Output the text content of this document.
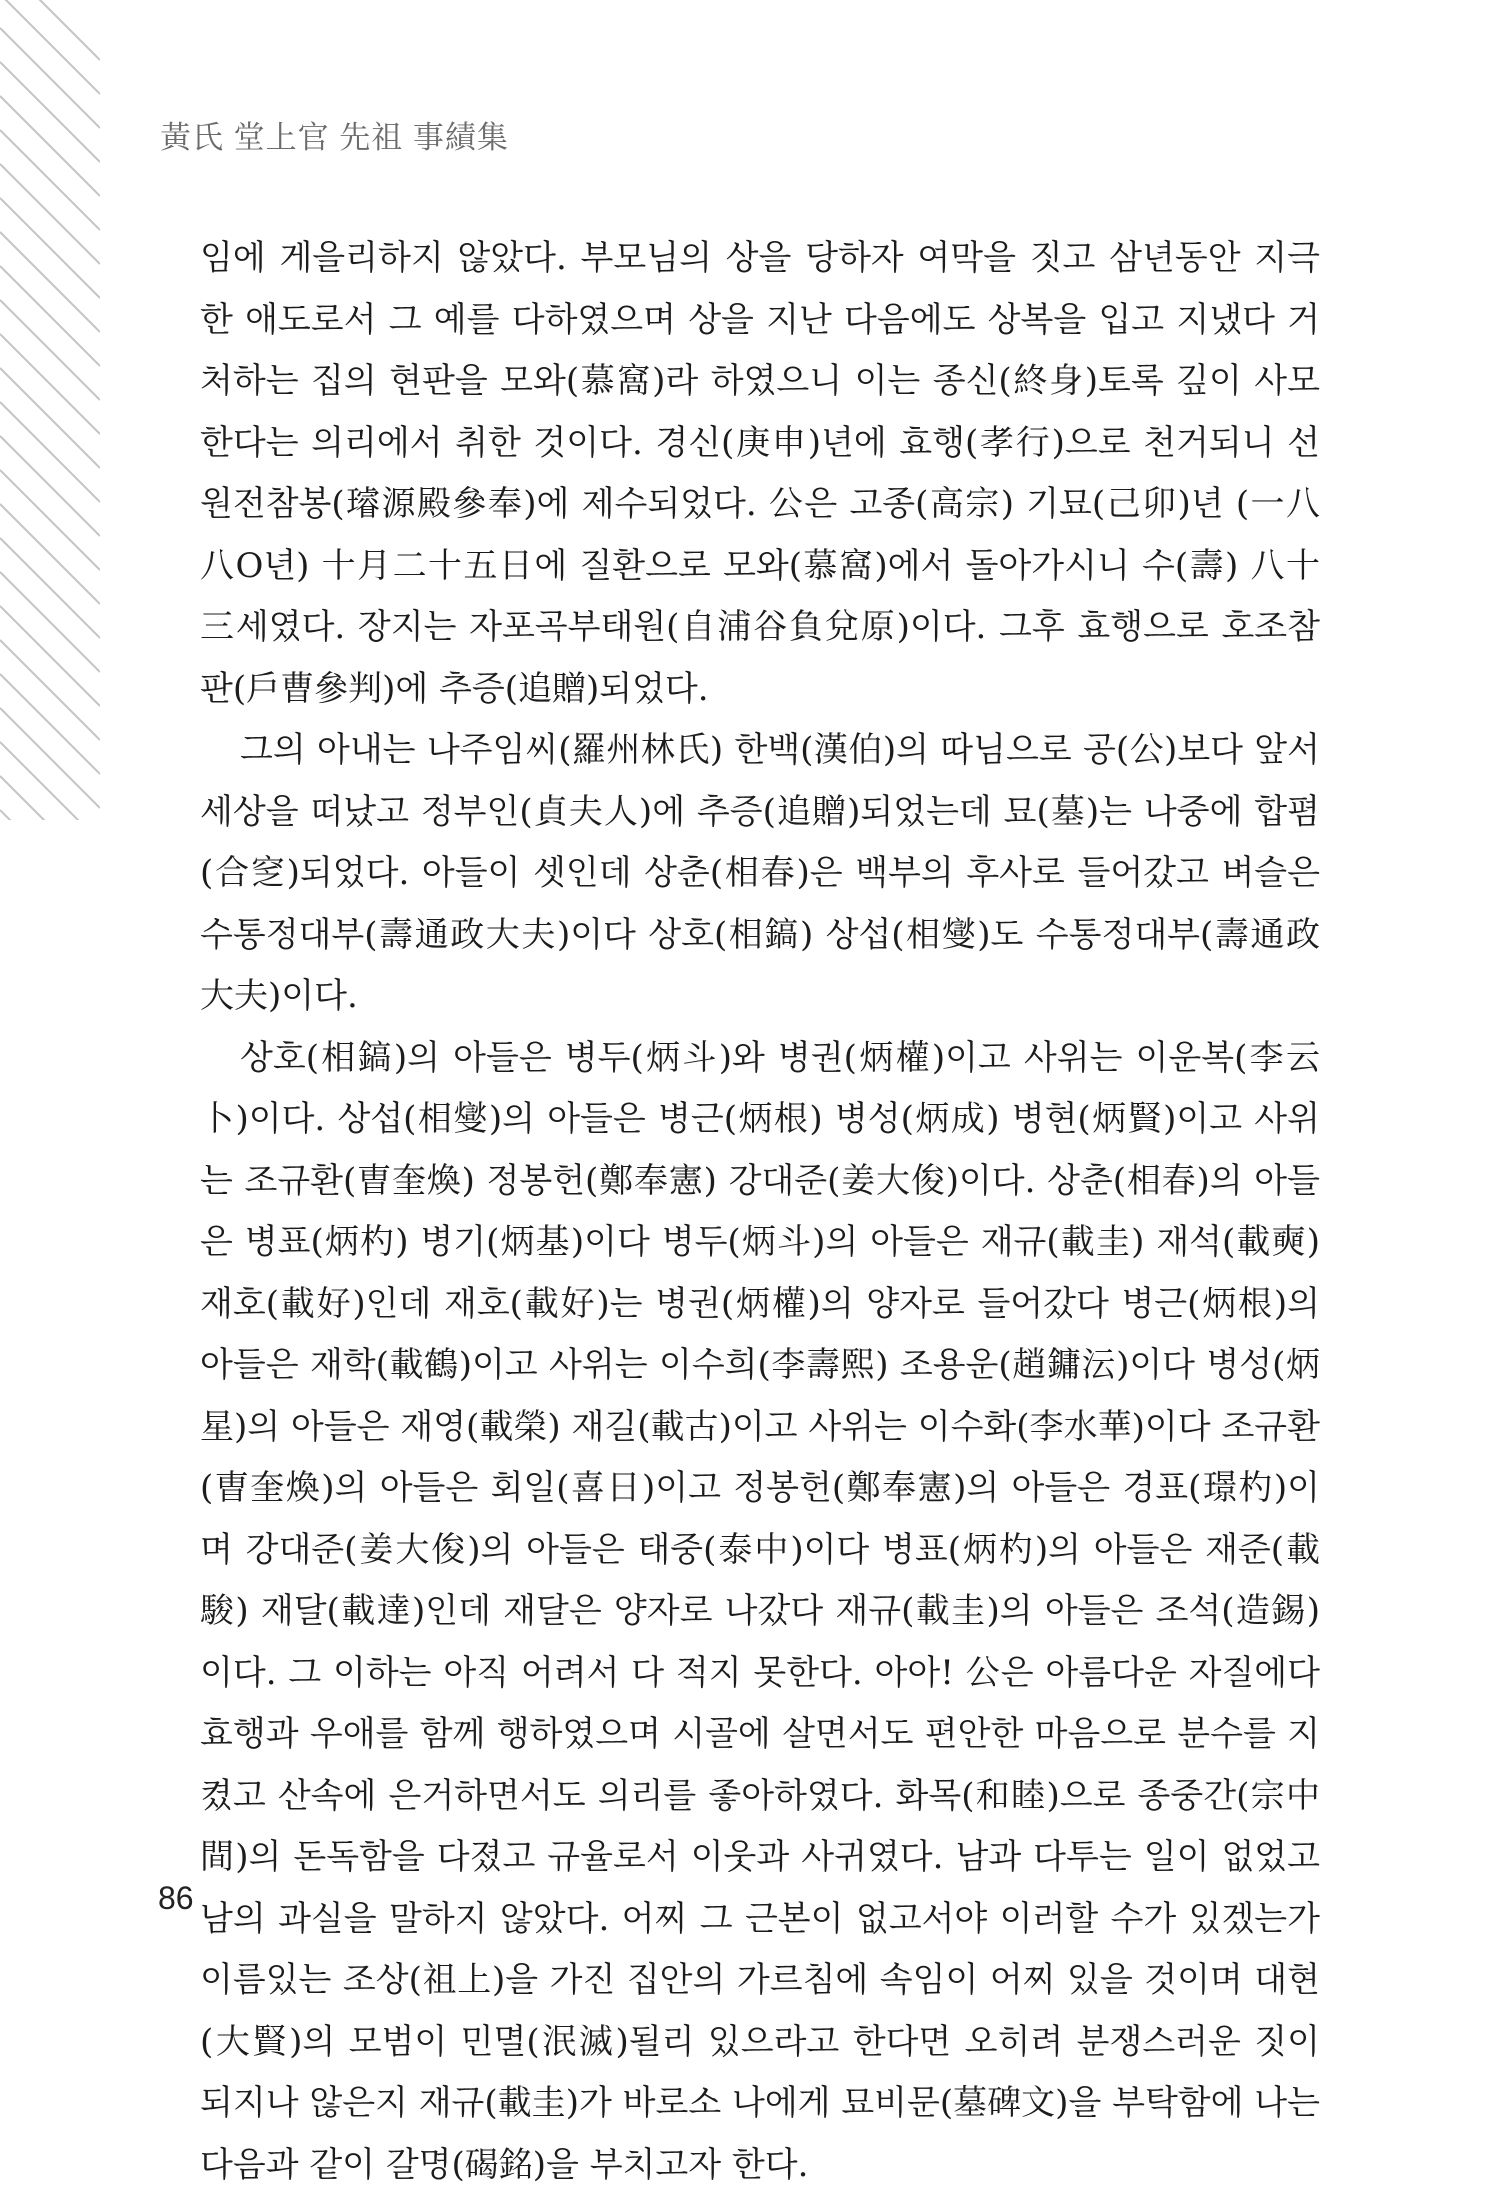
黃氏 堂上官 先祖 事績集

임에 게을리하지 않았다. 부모님의 상을 당하자 여막을 짓고 삼년동안 지극한 애도로서 그 예를 다하였으며 상을 지난 다음에도 상복을 입고 지냈다 거처하는 집의 현판을 모와(慕窩)라 하였으니 이는 종신(終身)토록 깊이 사모한다는 의리에서 취한 것이다. 경신(庚申)년에 효행(孝行)으로 천거되니 선원전참봉(璿源殿參奉)에 제수되었다. 公은 고종(高宗) 기묘(己卯)년 (一八八O년) 十月二十五日에 질환으로 모와(慕窩)에서 돌아가시니 수(壽) 八十三세였다. 장지는 자포곡부태원(自浦谷負兌原)이다. 그후 효행으로 호조참판(戶曹參判)에 추증(追贈)되었다.

그의 아내는 나주임씨(羅州林氏) 한백(漢伯)의 따님으로 공(公)보다 앞서 세상을 떠났고 정부인(貞夫人)에 추증(追贈)되었는데 묘(墓)는 나중에 합폄(合窆)되었다. 아들이 셋인데 상춘(相春)은 백부의 후사로 들어갔고 벼슬은 수통정대부(壽通政大夫)이다 상호(相鎬) 상섭(相燮)도 수통정대부(壽通政大夫)이다.

상호(相鎬)의 아들은 병두(炳斗)와 병권(炳權)이고 사위는 이운복(李云卜)이다. 상섭(相燮)의 아들은 병근(炳根) 병성(炳成) 병현(炳賢)이고 사위는 조규환(曺奎煥) 정봉헌(鄭奉憲) 강대준(姜大俊)이다. 상춘(相春)의 아들은 병표(炳杓) 병기(炳基)이다 병두(炳斗)의 아들은 재규(載圭) 재석(載奭) 재호(載好)인데 재호(載好)는 병권(炳權)의 양자로 들어갔다 병근(炳根)의 아들은 재학(載鶴)이고 사위는 이수희(李壽熙) 조용운(趙鏞沄)이다 병성(炳星)의 아들은 재영(載榮) 재길(載古)이고 사위는 이수화(李水華)이다 조규환(曺奎煥)의 아들은 회일(喜日)이고 정봉헌(鄭奉憲)의 아들은 경표(璟杓)이며 강대준(姜大俊)의 아들은 태중(泰中)이다 병표(炳杓)의 아들은 재준(載駿) 재달(載達)인데 재달은 양자로 나갔다 재규(載圭)의 아들은 조석(造錫)이다. 그 이하는 아직 어려서 다 적지 못한다. 아아! 公은 아름다운 자질에다 효행과 우애를 함께 행하였으며 시골에 살면서도 편안한 마음으로 분수를 지켰고 산속에 은거하면서도 의리를 좋아하였다. 화목(和睦)으로 종중간(宗中間)의 돈독함을 다졌고 규율로서 이웃과 사귀였다. 남과 다투는 일이 없었고 남의 과실을 말하지 않았다. 어찌 그 근본이 없고서야 이러할 수가 있겠는가 이름있는 조상(祖上)을 가진 집안의 가르침에 속임이 어찌 있을 것이며 대현(大賢)의 모범이 민멸(泯滅)될리 있으라고 한다면 오히려 분쟁스러운 짓이 되지나 않은지 재규(載圭)가 바로소 나에게 묘비문(墓碑文)을 부탁함에 나는 다음과 같이 갈명(碣銘)을 부치고자 한다.

86
